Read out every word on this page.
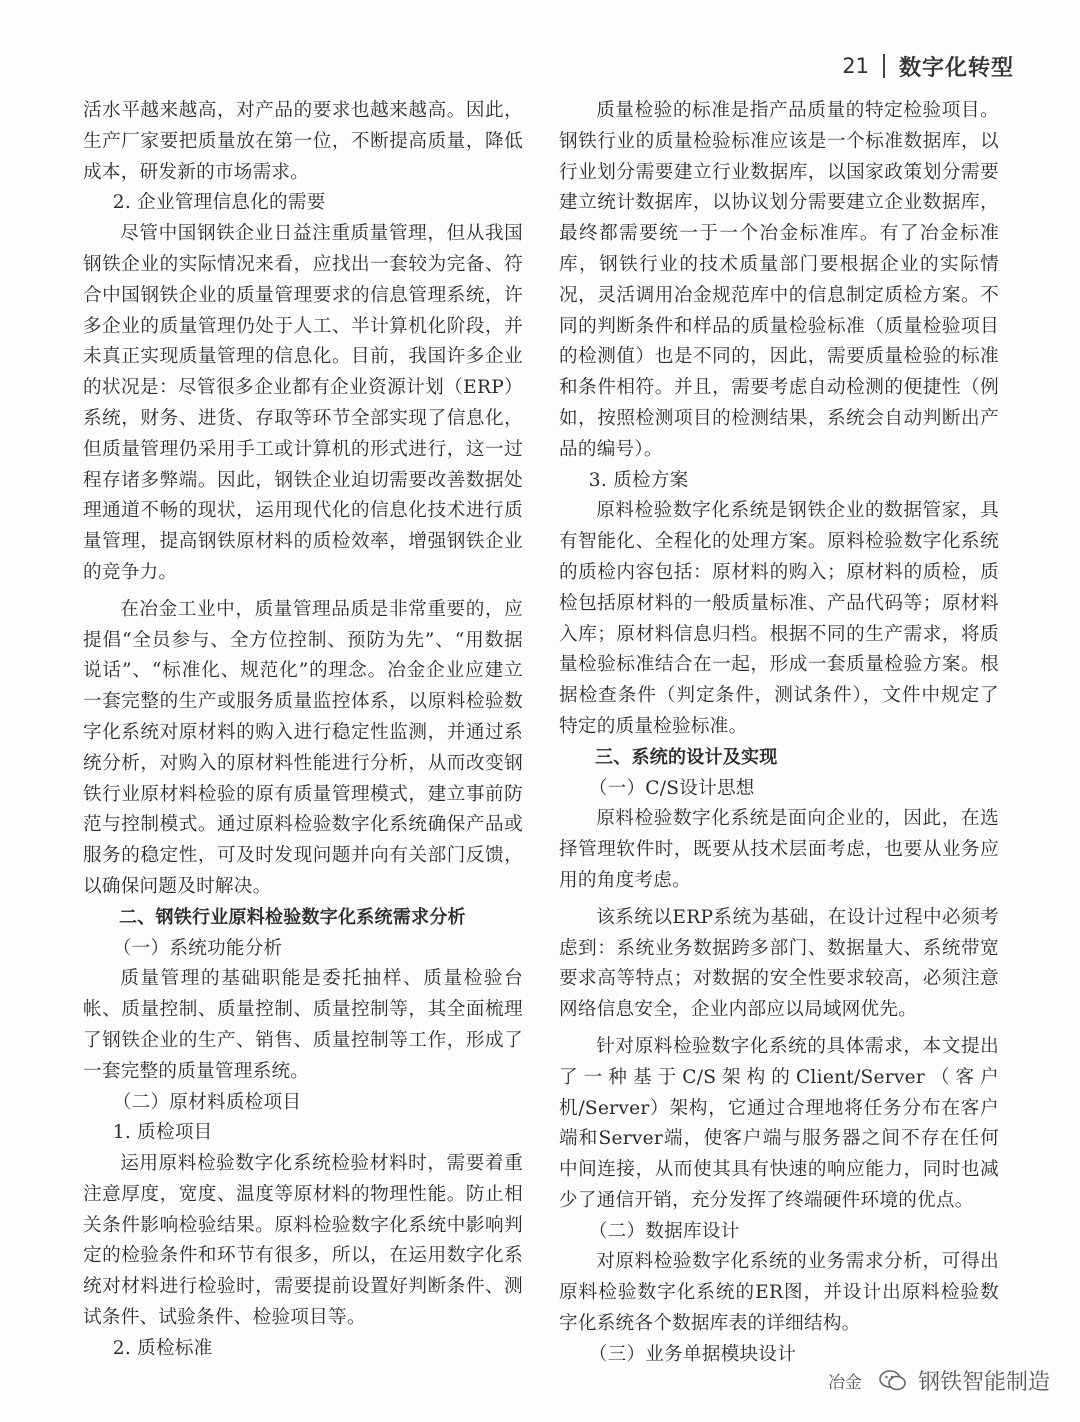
21 数字化转型

活水平越来越高，对产品的要求也越来越高。因此，生产厂家要把质量放在第一位，不断提高质量，降低成本，研发新的市场需求。

2. 企业管理信息化的需要

尽管中国钢铁企业日益注重质量管理，但从我国钢铁企业的实际情况来看，应找出一套较为完备、符合中国钢铁企业的质量管理要求的信息管理系统，许多企业的质量管理仍处于人工、半计算机化阶段，并未真正实现质量管理的信息化。目前，我国许多企业的状况是：尽管很多企业都有企业资源计划（ERP）系统，财务、进货、存取等环节全部实现了信息化，但质量管理仍采用手工或计算机的形式进行，这一过程存诸多弊端。因此，钢铁企业迫切需要改善数据处理通道不畅的现状，运用现代化的信息化技术进行质量管理，提高钢铁原材料的质检效率，增强钢铁企业的竞争力。

在冶金工业中，质量管理品质是非常重要的，应提倡“全员参与、全方位控制、预防为先”、“用数据说话”、“标准化、规范化”的理念。冶金企业应建立一套完整的生产或服务质量监控体系，以原料检验数字化系统对原材料的购入进行稳定性监测，并通过系统分析，对购入的原材料性能进行分析，从而改变钢铁行业原材料检验的原有质量管理模式，建立事前防范与控制模式。通过原料检验数字化系统确保产品或服务的稳定性，可及时发现问题并向有关部门反馈，以确保问题及时解决。

二、钢铁行业原料检验数字化系统需求分析

（一）系统功能分析

质量管理的基础职能是委托抽样、质量检验台帐、质量控制、质量控制、质量控制等，其全面梳理了钢铁企业的生产、销售、质量控制等工作，形成了一套完整的质量管理系统。

（二）原材料质检项目

1. 质检项目

运用原料检验数字化系统检验材料时，需要着重注意厚度，宽度、温度等原材料的物理性能。防止相关条件影响检验结果。原料检验数字化系统中影响判定的检验条件和环节有很多，所以，在运用数字化系统对材料进行检验时，需要提前设置好判断条件、测试条件、试验条件、检验项目等。

2. 质检标准

质量检验的标准是指产品质量的特定检验项目。钢铁行业的质量检验标准应该是一个标准数据库，以行业划分需要建立行业数据库，以国家政策划分需要建立统计数据库，以协议划分需要建立企业数据库，最终都需要统一于一个冶金标准库。有了冶金标准库，钢铁行业的技术质量部门要根据企业的实际情况，灵活调用冶金规范库中的信息制定质检方案。不同的判断条件和样品的质量检验标准（质量检验项目的检测值）也是不同的，因此，需要质量检验的标准和条件相符。并且，需要考虑自动检测的便捷性（例如，按照检测项目的检测结果，系统会自动判断出产品的编号）。

3. 质检方案

原料检验数字化系统是钢铁企业的数据管家，具有智能化、全程化的处理方案。原料检验数字化系统的质检内容包括：原材料的购入；原材料的质检，质检包括原材料的一般质量标准、产品代码等；原材料入库；原材料信息归档。根据不同的生产需求，将质量检验标准结合在一起，形成一套质量检验方案。根据检查条件（判定条件，测试条件），文件中规定了特定的质量检验标准。

三、系统的设计及实现

（一）C/S设计思想

原料检验数字化系统是面向企业的，因此，在选择管理软件时，既要从技术层面考虑，也要从业务应用的角度考虑。

该系统以ERP系统为基础，在设计过程中必须考虑到：系统业务数据跨多部门、数据量大、系统带宽要求高等特点；对数据的安全性要求较高，必须注意网络信息安全，企业内部应以局域网优先。

针对原料检验数字化系统的具体需求，本文提出了一种基于C/S架构的Client/Server（客户机/Server）架构，它通过合理地将任务分布在客户端和Server端，使客户端与服务器之间不存在任何中间连接，从而使其具有快速的响应能力，同时也减少了通信开销，充分发挥了终端硬件环境的优点。

（二）数据库设计

对原料检验数字化系统的业务需求分析，可得出原料检验数字化系统的ER图，并设计出原料检验数字化系统各个数据库表的详细结构。

（三）业务单据模块设计

冶金	钢铁智能制造
